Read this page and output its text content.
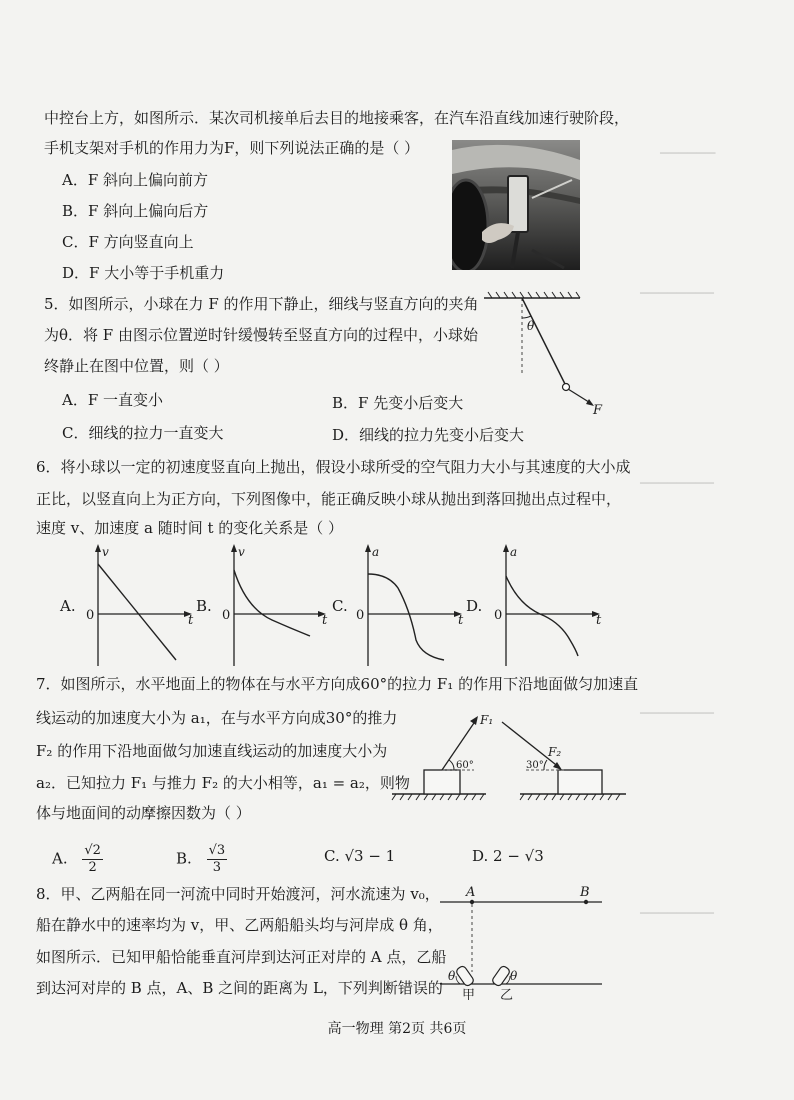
中控台上方，如图所示．某次司机接单后去目的地接乘客，在汽车沿直线加速行驶阶段，
手机支架对手机的作用力为F，则下列说法正确的是（ ）
A．F 斜向上偏向前方
B．F 斜向上偏向后方
C．F 方向竖直向上
D．F 大小等于手机重力
5．如图所示，小球在力 F 的作用下静止，细线与竖直方向的夹角
为θ．将 F 由图示位置逆时针缓慢转至竖直方向的过程中，小球始
终静止在图中位置，则（ ）
A．F 一直变小	B．F 先变小后变大
C．细线的拉力一直变大	D．细线的拉力先变小后变大
θ
F
6．将小球以一定的初速度竖直向上抛出，假设小球所受的空气阻力大小与其速度的大小成
正比，以竖直向上为正方向，下列图像中，能正确反映小球从抛出到落回抛出点过程中，
速度 v、加速度 a 随时间 t 的变化关系是（ ）
A.	B.	C.	D.
v
t
0
v
t
0
a
t
0
a
t
0
7．如图所示，水平地面上的物体在与水平方向成60°的拉力 F₁ 的作用下沿地面做匀加速直
线运动的加速度大小为 a₁，在与水平方向成30°的推力
F₂ 的作用下沿地面做匀加速直线运动的加速度大小为
a₂．已知拉力 F₁ 与推力 F₂ 的大小相等，a₁ = a₂，则物
体与地面间的动摩擦因数为（ ）
A. $\frac{√2}{2}$	B. $\frac{√3}{3}$	C. √3 − 1	D. 2 − √3
60°
F₁
30°
F₂
8．甲、乙两船在同一河流中同时开始渡河，河水流速为 v₀，
船在静水中的速率均为 v，甲、乙两船船头均与河岸成 θ 角，
如图所示．已知甲船恰能垂直河岸到达河正对岸的 A 点，乙船
到达河对岸的 B 点，A、B 之间的距离为 L，下列判断错误的
A	B
θ	θ
甲 乙
▁▁▁▁▁▁
▁▁▁▁▁▁▁▁
▁▁▁▁▁▁▁▁
▁▁▁▁▁▁▁▁
▁▁▁▁▁▁▁▁
高一物理 第2页 共6页
